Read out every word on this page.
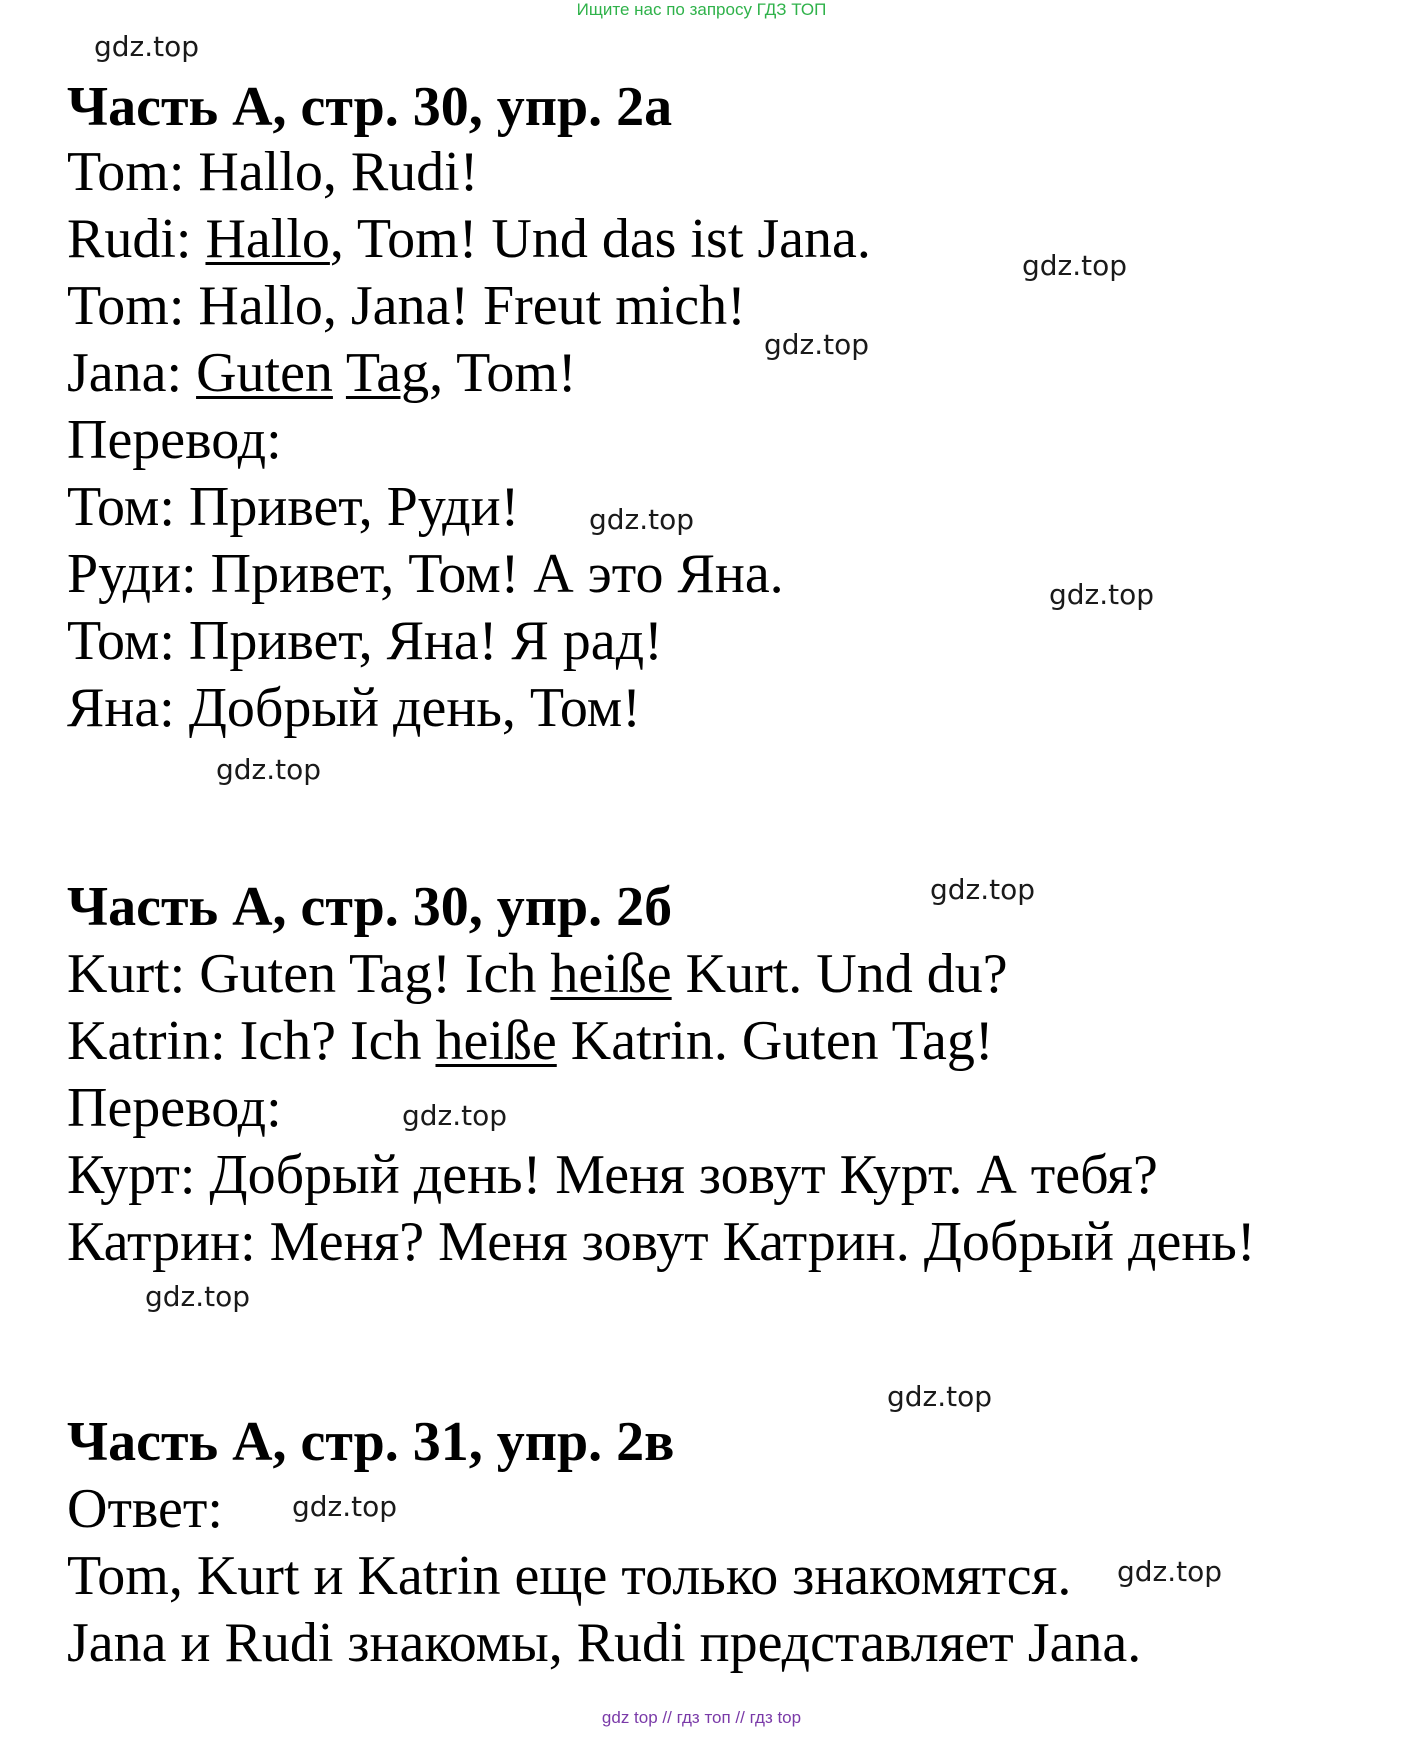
Ищите нас по запросу ГДЗ ТОП
Часть А, стр. 30, упр. 2а
Tom: Hallo, Rudi!
Rudi: Hallo, Tom! Und das ist Jana.
Tom: Hallo, Jana! Freut mich!
Jana: Guten Tag, Tom!
Перевод:
Том: Привет, Руди!
Руди: Привет, Том! А это Яна.
Том: Привет, Яна! Я рад!
Яна: Добрый день, Том!
Часть А, стр. 30, упр. 2б
Kurt: Guten Tag! Ich heiße Kurt. Und du?
Katrin: Ich? Ich heiße Katrin. Guten Tag!
Перевод:
Курт: Добрый день! Меня зовут Курт. А тебя?
Катрин: Меня? Меня зовут Катрин. Добрый день!
Часть А, стр. 31, упр. 2в
Ответ:
Tom, Kurt и Katrin еще только знакомятся.
Jana и Rudi знакомы, Rudi представляет Jana.
gdz.top
gdz.top
gdz.top
gdz.top
gdz.top
gdz.top
gdz.top
gdz.top
gdz.top
gdz.top
gdz.top
gdz.top
gdz top // гдз топ // гдз top
